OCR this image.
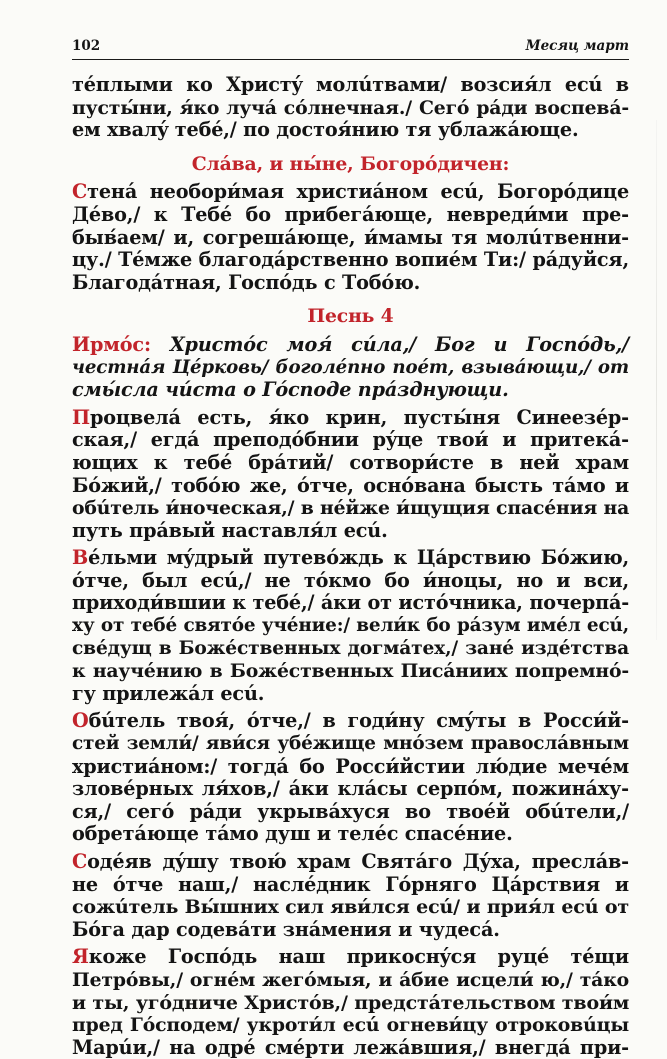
102	Месяц март
тéплыми ко Христý молúтвами/ возсия́л есú в
пусты́ни, я́ко лучá сóлнечная./ Сегó рáди воспевá-
ем хвалý тебé,/ по достоя́нию тя ублажáюще.
Слáва, и ны́не, Богорóдичен:
Стенá необори́мая христиáном есú, Богорóдице
Дéво,/ к Тебé бо прибегáюще, невреди́ми пре-
быв́аем/ и, согрешáюще, и́мамы тя молúтвенни-
цу./ Тéмже благодáрственно вопиéм Ти:/ рáдуйся,
Благодáтная, Госпóдь с Тобóю.
Песнь 4
Ирмóс: Христóс моя́ сúла,/ Бог и Госпóдь,/
честнáя Цéрковь/ боголéпно поéт, взывáющи,/ от
смы́сла чи́ста о Гóсподе прáзднующи.
Процвелá есть, я́ко крин, пусты́ня Синеезéр-
ская,/ егдá преподóбнии рýце твои́ и притекá-
ющих к тебé брáтий/ сотвори́сте в ней храм
Бóжий,/ тобóю же, óтче, оснóвана бысть тáмо и
обúтель и́ноческая,/ в нéйже и́щущия спасéния на
путь прáвый наставля́л есú.
Вéльми мýдрый путевóждь к Цáрствию Бóжию,
óтче, был есú,/ не тóкмо бо и́ноцы, но и вси,
приходи́вшии к тебé,/ áки от истóчника, почерпá-
ху от тебé святóе учéние:/ вели́к бо рáзум имéл есú,
свéдущ в Божéственных догмáтех,/ занé издéтства
к научéнию в Божéственных Писáниих попремнó-
гу прилежáл есú.
Обúтель твоя́, óтче,/ в годи́ну смýты в Росси́й-
стей земли́/ яви́ся убéжище мнóзем правослáвным
христиáном:/ тогдá бо Росси́йстии лю́дие мечéм
зловéрных ля́хов,/ áки клáсы серпóм, пожинáху-
ся,/ сегó рáди укрывáхуся во твоéй обúтели,/
обретáюще тáмо душ и телéс спасéние.
Содéяв дýшу твою́ храм Святáго Дýха, преслáв-
не óтче наш,/ наслéдник Гóрняго Цáрствия и
сожúтель Вы́шних сил яви́лся есú/ и прия́л есú от
Бóга дар содевáти знáмения и чудесá.
Якоже Госпóдь наш прикоснýся руцé тéщи
Петрóвы,/ огнéм жегóмыя, и áбие исцели́ ю,/ тáко
и ты, угóдниче Христóв,/ предстáтельством твои́м
пред Гóсподем/ укроти́л есú огневи́цу отроковúцы
Марúи,/ на одрé смéрти лежáвшия,/ внегдá при-
